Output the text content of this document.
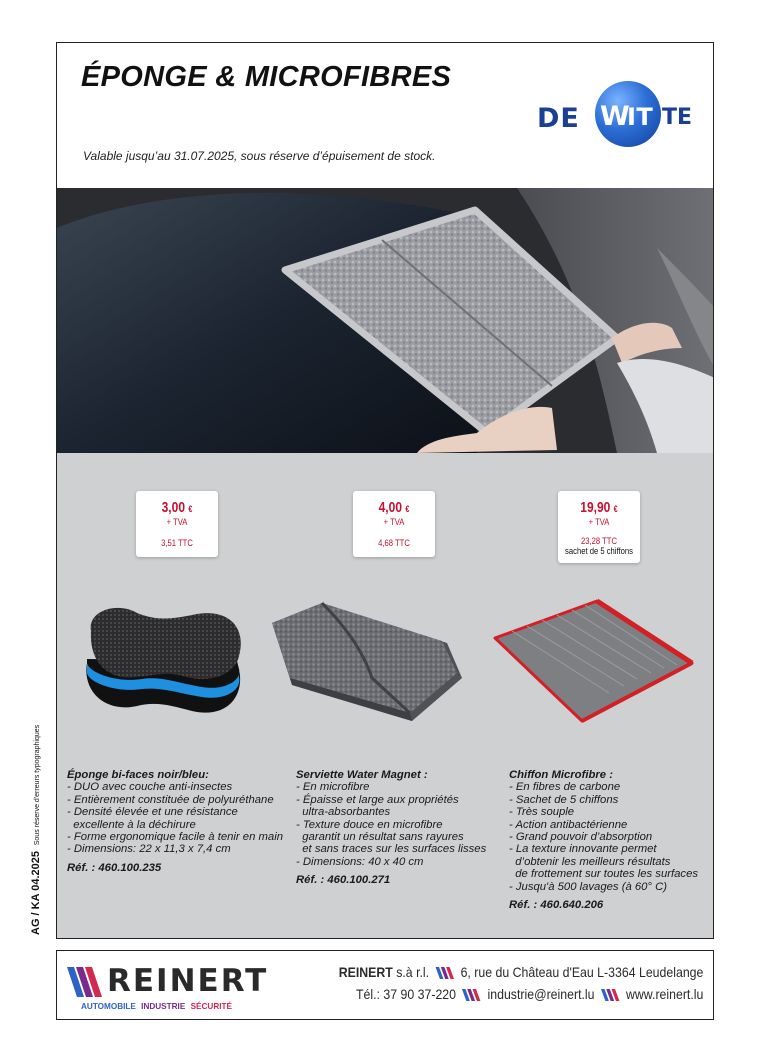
ÉPONGE & MICROFIBRES
DE W
IT TE

Valable jusqu’au 31.07.2025, sous réserve d’épuisement de stock.

3,00 €
+ TVA
3,51 TTC
4,00 €
+ TVA
4,68 TTC
19,90 €
+ TVA
23,28 TTC
sachet de 5 chiffons
Éponge bi-faces noir/bleu:
- DUO avec couche anti-insectes
- Entièrement constituée de polyuréthane
- Densité élevée et une résistance
excellente à la déchirure
- Forme ergonomique facile à tenir en main
- Dimensions: 22 x 11,3 x 7,4 cm
Réf. : 460.100.235
Serviette Water Magnet :
- En microfibre
- Épaisse et large aux propriétés
ultra-absorbantes
- Texture douce en microfibre
garantit un résultat sans rayures
et sans traces sur les surfaces lisses
- Dimensions: 40 x 40 cm
Réf. : 460.100.271
Chiffon Microfibre :
- En fibres de carbone
- Sachet de 5 chiffons
- Très souple
- Action antibactérienne
- Grand pouvoir d’absorption
- La texture innovante permet
d’obtenir les meilleurs résultats
de frottement sur toutes les surfaces
- Jusqu'à 500 lavages (à 60° C)
Réf. : 460.640.206
AG / KA 04.2025 Sous réserve d'erreurs typographiques
REINERT
AUTOMOBILE INDUSTRIE SÉCURITÉ
REINERT s.à r.l. 6, rue du Château d'Eau L-3364 Leudelange
Tél.: 37 90 37-220 industrie@reinert.lu www.reinert.lu
